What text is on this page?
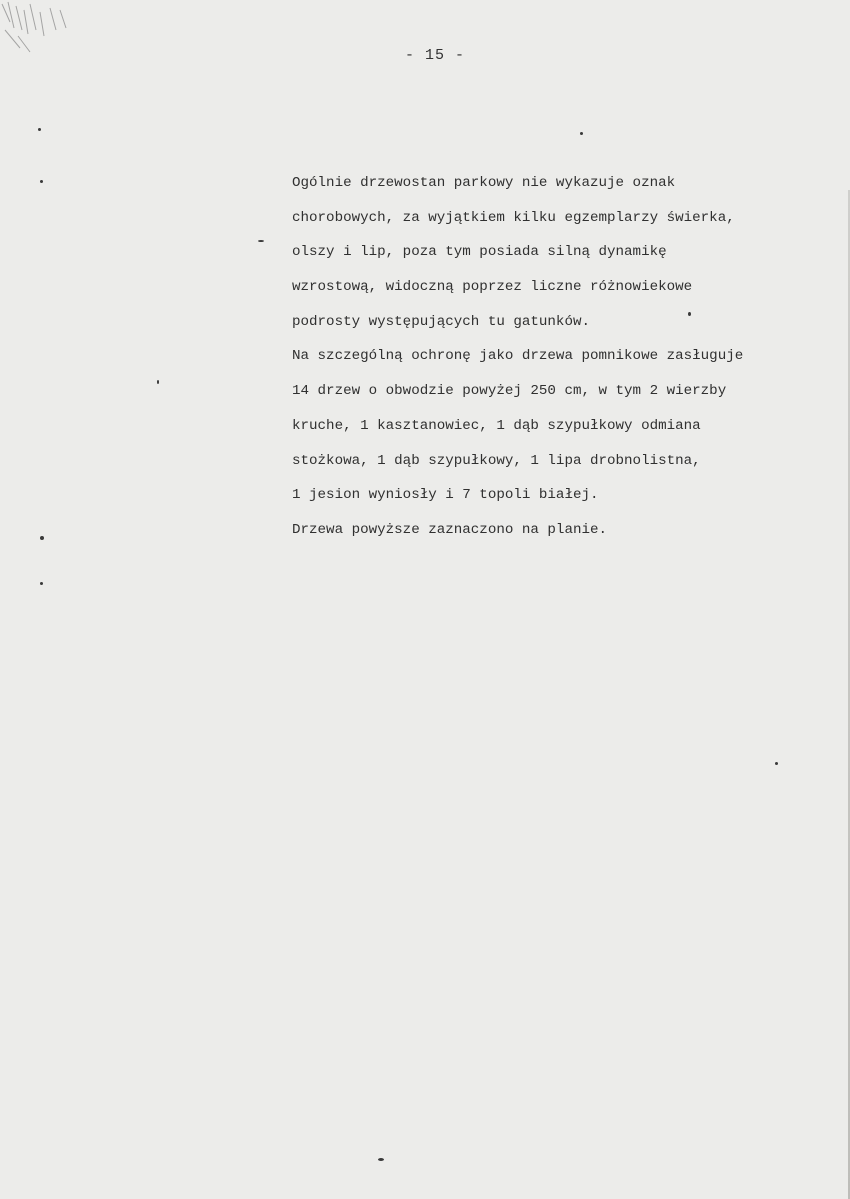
- 15 -
Ogólnie drzewostan parkowy nie wykazuje oznak
chorobowych, za wyjątkiem kilku egzemplarzy świerka,
olszy i lip, poza tym posiada silną dynamikę
wzrostową, widoczną poprzez liczne różnowiekowe
podrosty występujących tu gatunków.
Na szczególną ochronę jako drzewa pomnikowe zasługuje
14 drzew o obwodzie powyżej 250 cm, w tym 2 wierzby
kruche, 1 kasztanowiec, 1 dąb szypułkowy odmiana
stożkowa, 1 dąb szypułkowy, 1 lipa drobnolistna,
1 jesion wyniosły i 7 topoli białej.
Drzewa powyższe zaznaczono na planie.
